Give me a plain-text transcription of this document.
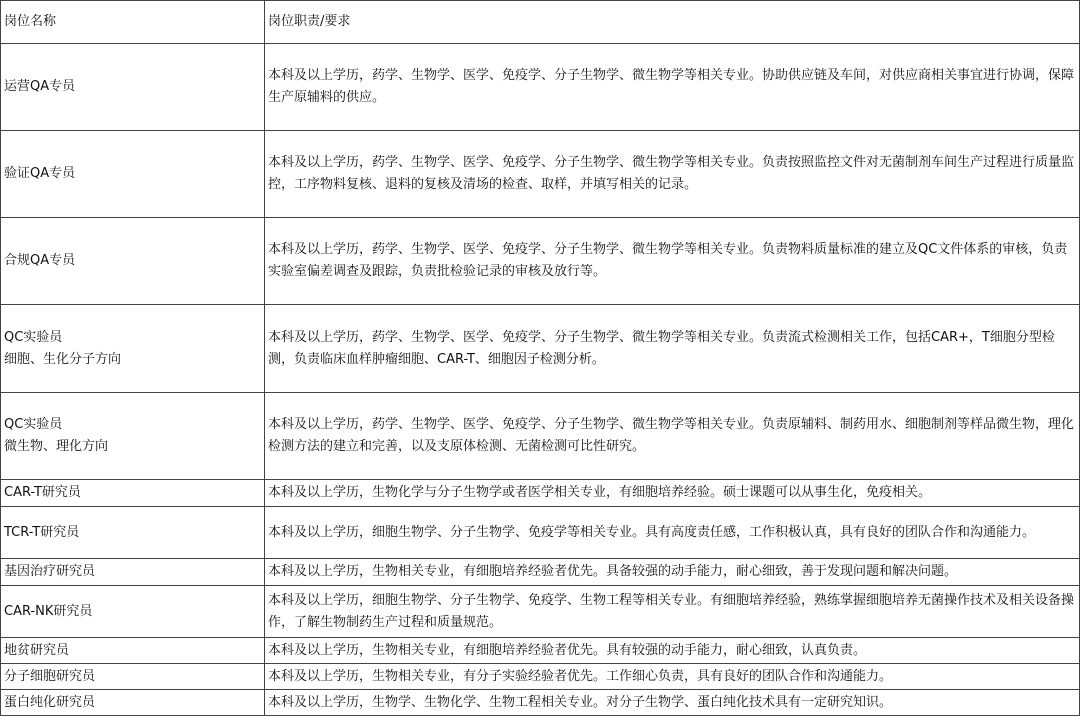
岗位名称	岗位职责/要求
运营QA专员	本科及以上学历，药学、生物学、医学、免疫学、分子生物学、微生物学等相关专业。协助供应链及车间，对供应商相关事宜进行协调，保障生产原辅料的供应。
验证QA专员	本科及以上学历，药学、生物学、医学、免疫学、分子生物学、微生物学等相关专业。负责按照监控文件对无菌制剂车间生产过程进行质量监控，工序物料复核、退料的复核及清场的检查、取样，并填写相关的记录。
合规QA专员	本科及以上学历，药学、生物学、医学、免疫学、分子生物学、微生物学等相关专业。负责物料质量标准的建立及QC文件体系的审核，负责实验室偏差调查及跟踪，负责批检验记录的审核及放行等。
QC实验员
细胞、生化分子方向	本科及以上学历，药学、生物学、医学、免疫学、分子生物学、微生物学等相关专业。负责流式检测相关工作，包括CAR+，T细胞分型检测，负责临床血样肿瘤细胞、CAR-T、细胞因子检测分析。
QC实验员
微生物、理化方向	本科及以上学历，药学、生物学、医学、免疫学、分子生物学、微生物学等相关专业。负责原辅料、制药用水、细胞制剂等样品微生物，理化检测方法的建立和完善，以及支原体检测、无菌检测可比性研究。
CAR-T研究员	本科及以上学历，生物化学与分子生物学或者医学相关专业，有细胞培养经验。硕士课题可以从事生化，免疫相关。
TCR-T研究员	本科及以上学历，细胞生物学、分子生物学、免疫学等相关专业。具有高度责任感，工作积极认真，具有良好的团队合作和沟通能力。
基因治疗研究员	本科及以上学历，生物相关专业，有细胞培养经验者优先。具备较强的动手能力，耐心细致，善于发现问题和解决问题。
CAR-NK研究员	本科及以上学历，细胞生物学、分子生物学、免疫学、生物工程等相关专业。有细胞培养经验，熟练掌握细胞培养无菌操作技术及相关设备操作，了解生物制药生产过程和质量规范。
地贫研究员	本科及以上学历，生物相关专业，有细胞培养经验者优先。具有较强的动手能力，耐心细致，认真负责。
分子细胞研究员	本科及以上学历，生物相关专业，有分子实验经验者优先。工作细心负责，具有良好的团队合作和沟通能力。
蛋白纯化研究员	本科及以上学历，生物学、生物化学、生物工程相关专业。对分子生物学、蛋白纯化技术具有一定研究知识。
